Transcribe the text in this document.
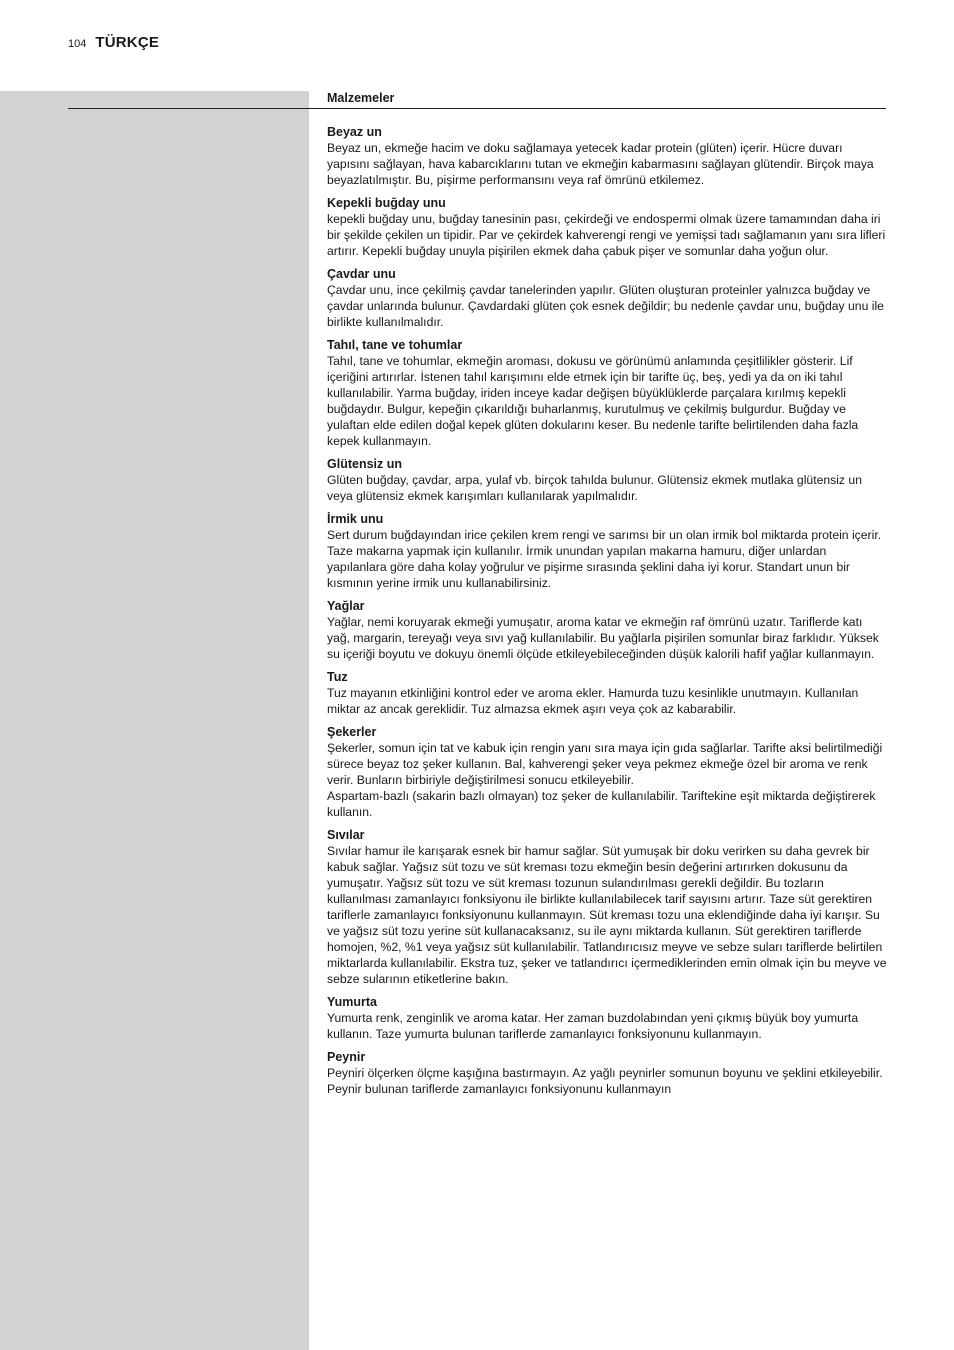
104 TÜRKÇE
Malzemeler
Beyaz un

Beyaz un, ekmeğe hacim ve doku sağlamaya yetecek kadar protein (glüten) içerir. Hücre duvarı yapısını sağlayan, hava kabarcıklarını tutan ve ekmeğin kabarmasını sağlayan glütendir. Birçok maya beyazlatılmıştır. Bu, pişirme performansını veya raf ömrünü etkilemez.

Kepekli buğday unu

kepekli buğday unu, buğday tanesinin pası, çekirdeği ve endospermi olmak üzere tamamından daha iri bir şekilde çekilen un tipidir. Par ve çekirdek kahverengi rengi ve yemişsi tadı sağlamanın yanı sıra lifleri artırır. Kepekli buğday unuyla pişirilen ekmek daha çabuk pişer ve somunlar daha yoğun olur.

Çavdar unu

Çavdar unu, ince çekilmiş çavdar tanelerinden yapılır. Glüten oluşturan proteinler yalnızca buğday ve çavdar unlarında bulunur. Çavdardaki glüten çok esnek değildir; bu nedenle çavdar unu, buğday unu ile birlikte kullanılmalıdır.

Tahıl, tane ve tohumlar

Tahıl, tane ve tohumlar, ekmeğin aroması, dokusu ve görünümü anlamında çeşitlilikler gösterir. Lif içeriğini artırırlar. İstenen tahıl karışımını elde etmek için bir tarifte üç, beş, yedi ya da on iki tahıl kullanılabilir. Yarma buğday, iriden inceye kadar değişen büyüklüklerde parçalara kırılmış kepekli buğdaydır. Bulgur, kepeğin çıkarıldığı buharlanmış, kurutulmuş ve çekilmiş bulgurdur. Buğday ve yulaftan elde edilen doğal kepek glüten dokularını keser. Bu nedenle tarifte belirtilenden daha fazla kepek kullanmayın.

Glütensiz un

Glüten buğday, çavdar, arpa, yulaf vb. birçok tahılda bulunur. Glütensiz ekmek mutlaka glütensiz un veya glütensiz ekmek karışımları kullanılarak yapılmalıdır.

İrmik unu

Sert durum buğdayından irice çekilen krem rengi ve sarımsı bir un olan irmik bol miktarda protein içerir. Taze makarna yapmak için kullanılır. İrmik unundan yapılan makarna hamuru, diğer unlardan yapılanlara göre daha kolay yoğrulur ve pişirme sırasında şeklini daha iyi korur. Standart unun bir kısmının yerine irmik unu kullanabilirsiniz.

Yağlar

Yağlar, nemi koruyarak ekmeği yumuşatır, aroma katar ve ekmeğin raf ömrünü uzatır. Tariflerde katı yağ, margarin, tereyağı veya sıvı yağ kullanılabilir. Bu yağlarla pişirilen somunlar biraz farklıdır. Yüksek su içeriği boyutu ve dokuyu önemli ölçüde etkileyebileceğinden düşük kalorili hafif yağlar kullanmayın.

Tuz

Tuz mayanın etkinliğini kontrol eder ve aroma ekler. Hamurda tuzu kesinlikle unutmayın. Kullanılan miktar az ancak gereklidir. Tuz almazsa ekmek aşırı veya çok az kabarabilir.

Şekerler

Şekerler, somun için tat ve kabuk için rengin yanı sıra maya için gıda sağlarlar. Tarifte aksi belirtilmediği sürece beyaz toz şeker kullanın. Bal, kahverengi şeker veya pekmez ekmeğe özel bir aroma ve renk verir. Bunların birbiriyle değiştirilmesi sonucu etkileyebilir.

Aspartam-bazlı (sakarin bazlı olmayan) toz şeker de kullanılabilir. Tariftekine eşit miktarda değiştirerek kullanın.

Sıvılar

Sıvılar hamur ile karışarak esnek bir hamur sağlar. Süt yumuşak bir doku verirken su daha gevrek bir kabuk sağlar. Yağsız süt tozu ve süt kreması tozu ekmeğin besin değerini artırırken dokusunu da yumuşatır. Yağsız süt tozu ve süt kreması tozunun sulandırılması gerekli değildir. Bu tozların kullanılması zamanlayıcı fonksiyonu ile birlikte kullanılabilecek tarif sayısını artırır. Taze süt gerektiren tariflerle zamanlayıcı fonksiyonunu kullanmayın. Süt kreması tozu una eklendiğinde daha iyi karışır. Su ve yağsız süt tozu yerine süt kullanacaksanız, su ile aynı miktarda kullanın. Süt gerektiren tariflerde homojen, %2, %1 veya yağsız süt kullanılabilir. Tatlandırıcısız meyve ve sebze suları tariflerde belirtilen miktarlarda kullanılabilir. Ekstra tuz, şeker ve tatlandırıcı içermediklerinden emin olmak için bu meyve ve sebze sularının etiketlerine bakın.

Yumurta

Yumurta renk, zenginlik ve aroma katar. Her zaman buzdolabından yeni çıkmış büyük boy yumurta kullanın. Taze yumurta bulunan tariflerde zamanlayıcı fonksiyonunu kullanmayın.

Peynir

Peyniri ölçerken ölçme kaşığına bastırmayın. Az yağlı peynirler somunun boyunu ve şeklini etkileyebilir. Peynir bulunan tariflerde zamanlayıcı fonksiyonunu kullanmayın
